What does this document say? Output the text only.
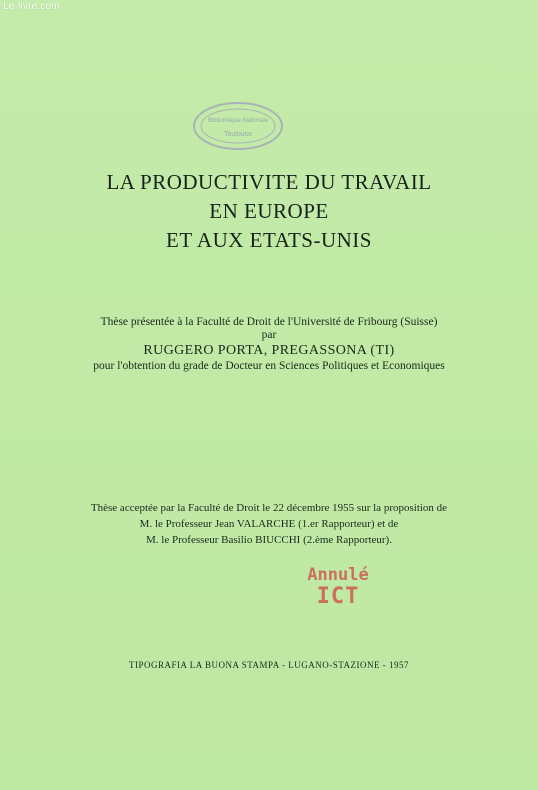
Le-livre.com
Bibliothèque Nationale
Toulouse
LA PRODUCTIVITE DU TRAVAIL
EN EUROPE
ET AUX ETATS-UNIS
Thèse présentée à la Faculté de Droit de l'Université de Fribourg (Suisse)
par
RUGGERO PORTA, PREGASSONA (TI)
pour l'obtention du grade de Docteur en Sciences Politiques et Economiques
Thèse acceptée par la Faculté de Droit le 22 décembre 1955 sur la proposition de
M. le Professeur Jean VALARCHE (1.er Rapporteur) et de
M. le Professeur Basilio BIUCCHI (2.ème Rapporteur).
Annulé
ICT
TIPOGRAFIA LA BUONA STAMPA - LUGANO-STAZIONE - 1957
